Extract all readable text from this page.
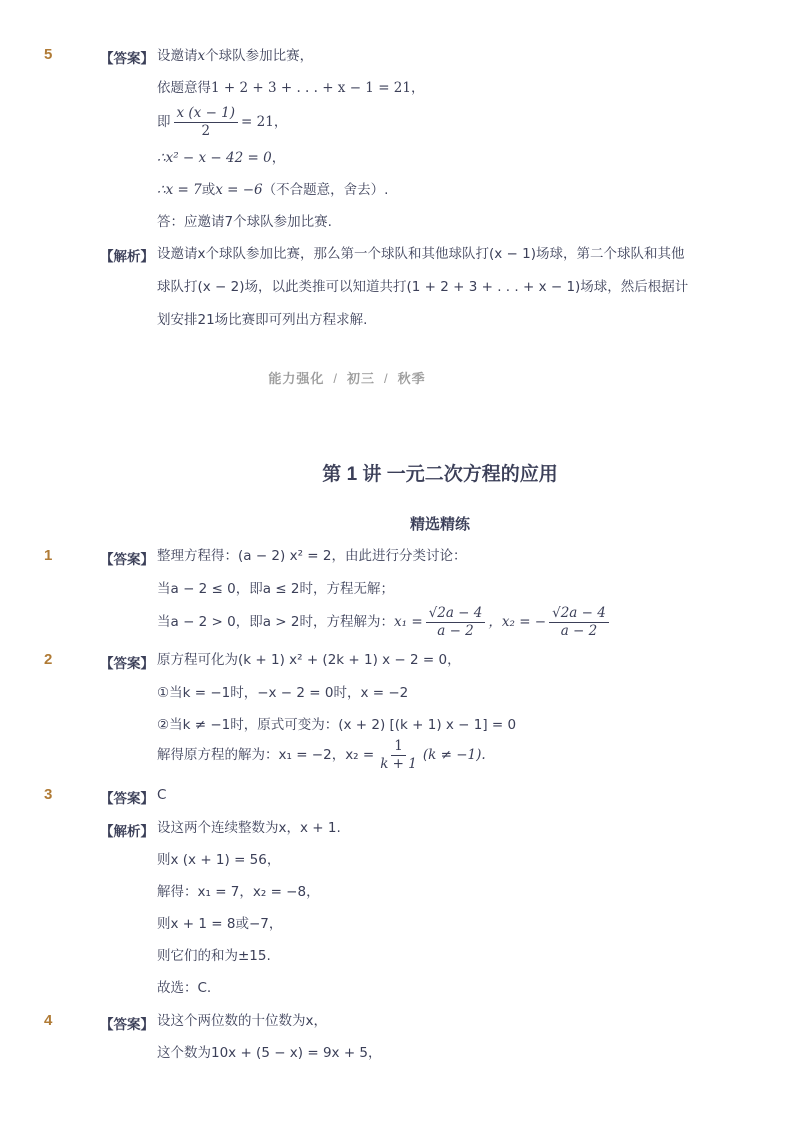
5	【答案】 设邀请x个球队参加比赛，
依题意得1 + 2 + 3 + . . . + x − 1 = 21，
即 $\frac{x (x - 1)}{2} = 21$，
∴x² − x − 42 = 0，
∴x = 7或x = −6（不合题意，舍去）.
答：应邀请7个球队参加比赛.
【解析】 设邀请x个球队参加比赛，那么第一个球队和其他球队打(x − 1)场球，第二个球队和其他
球队打(x − 2)场，以此类推可以知道共打(1 + 2 + 3 + . . . + x − 1)场球，然后根据计
划安排21场比赛即可列出方程求解.
能力强化 / 初三 / 秋季
第 1 讲 一元二次方程的应用
精选精练
1	【答案】 整理方程得：(a − 2) x² = 2，由此进行分类讨论：
当a − 2 ≤ 0，即a ≤ 2时，方程无解；
当a − 2 > 0，即a > 2时，方程解为：$x_1 = \frac{√2a - 4}{a - 2}$ ，x₂ = − $\frac{√2a - 4}{a - 2}$
2	【答案】 原方程可化为(k + 1) x² + (2k + 1) x − 2 = 0，
①当k = −1时，−x − 2 = 0时，x = −2
②当k ≠ −1时，原式可变为：(x + 2) [(k + 1) x − 1] = 0
解得原方程的解为：x₁ = −2，$x_2 = \frac{1}{k + 1} (k \ne -1)$.
3	【答案】 C
【解析】 设这两个连续整数为x，x + 1.
则x (x + 1) = 56，
解得：x₁ = 7，x₂ = −8，
则x + 1 = 8或−7，
则它们的和为±15.
故选：C.
4	【答案】 设这个两位数的十位数为x，
这个数为10x + (5 − x) = 9x + 5，
